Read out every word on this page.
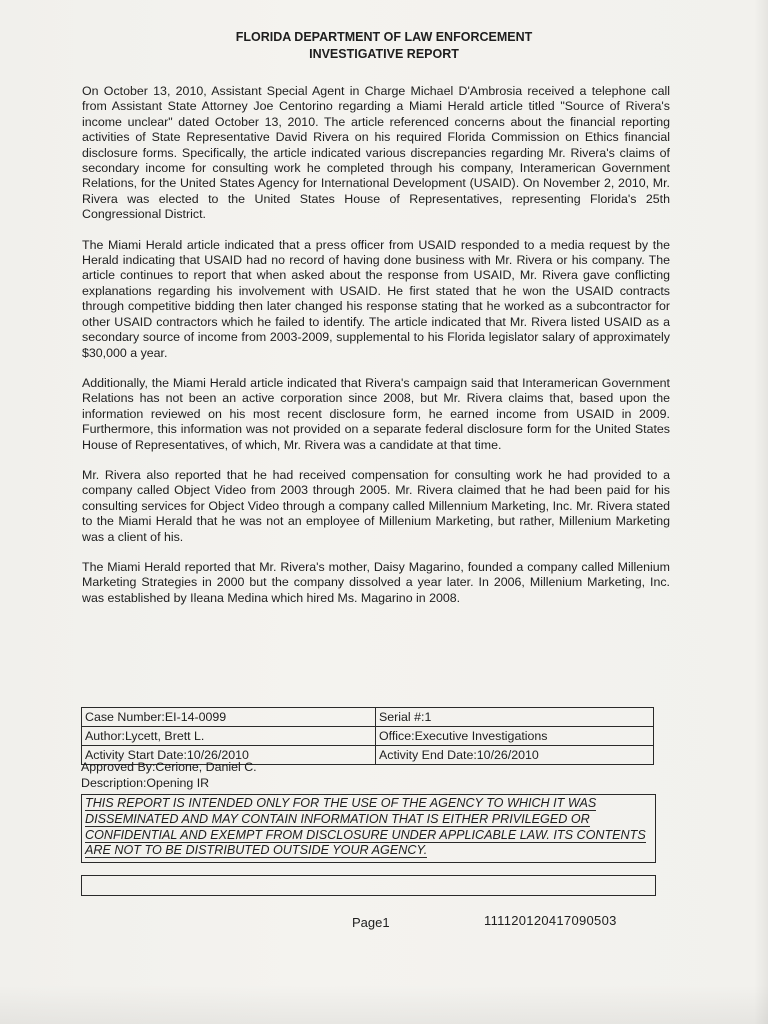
FLORIDA DEPARTMENT OF LAW ENFORCEMENT
INVESTIGATIVE REPORT

On October 13, 2010, Assistant Special Agent in Charge Michael D'Ambrosia received a telephone call from Assistant State Attorney Joe Centorino regarding a Miami Herald article titled "Source of Rivera's income unclear" dated October 13, 2010. The article referenced concerns about the financial reporting activities of State Representative David Rivera on his required Florida Commission on Ethics financial disclosure forms. Specifically, the article indicated various discrepancies regarding Mr. Rivera's claims of secondary income for consulting work he completed through his company, Interamerican Government Relations, for the United States Agency for International Development (USAID). On November 2, 2010, Mr. Rivera was elected to the United States House of Representatives, representing Florida's 25th Congressional District.

The Miami Herald article indicated that a press officer from USAID responded to a media request by the Herald indicating that USAID had no record of having done business with Mr. Rivera or his company. The article continues to report that when asked about the response from USAID, Mr. Rivera gave conflicting explanations regarding his involvement with USAID. He first stated that he won the USAID contracts through competitive bidding then later changed his response stating that he worked as a subcontractor for other USAID contractors which he failed to identify. The article indicated that Mr. Rivera listed USAID as a secondary source of income from 2003-2009, supplemental to his Florida legislator salary of approximately $30,000 a year.

Additionally, the Miami Herald article indicated that Rivera's campaign said that Interamerican Government Relations has not been an active corporation since 2008, but Mr. Rivera claims that, based upon the information reviewed on his most recent disclosure form, he earned income from USAID in 2009. Furthermore, this information was not provided on a separate federal disclosure form for the United States House of Representatives, of which, Mr. Rivera was a candidate at that time.

Mr. Rivera also reported that he had received compensation for consulting work he had provided to a company called Object Video from 2003 through 2005. Mr. Rivera claimed that he had been paid for his consulting services for Object Video through a company called Millennium Marketing, Inc. Mr. Rivera stated to the Miami Herald that he was not an employee of Millenium Marketing, but rather, Millenium Marketing was a client of his.

The Miami Herald reported that Mr. Rivera's mother, Daisy Magarino, founded a company called Millenium Marketing Strategies in 2000 but the company dissolved a year later. In 2006, Millenium Marketing, Inc. was established by Ileana Medina which hired Ms. Magarino in 2008.

Case Number:EI-14-0099	Serial #:1
Author:Lycett, Brett L.	Office:Executive Investigations
Activity Start Date:10/26/2010	Activity End Date:10/26/2010
Approved By:Cerione, Daniel C.
Description:Opening IR
THIS REPORT IS INTENDED ONLY FOR THE USE OF THE AGENCY TO WHICH IT WAS DISSEMINATED AND MAY CONTAIN INFORMATION THAT IS EITHER PRIVILEGED OR CONFIDENTIAL AND EXEMPT FROM DISCLOSURE UNDER APPLICABLE LAW. ITS CONTENTS ARE NOT TO BE DISTRIBUTED OUTSIDE YOUR AGENCY.
Page1	111120120417090503
